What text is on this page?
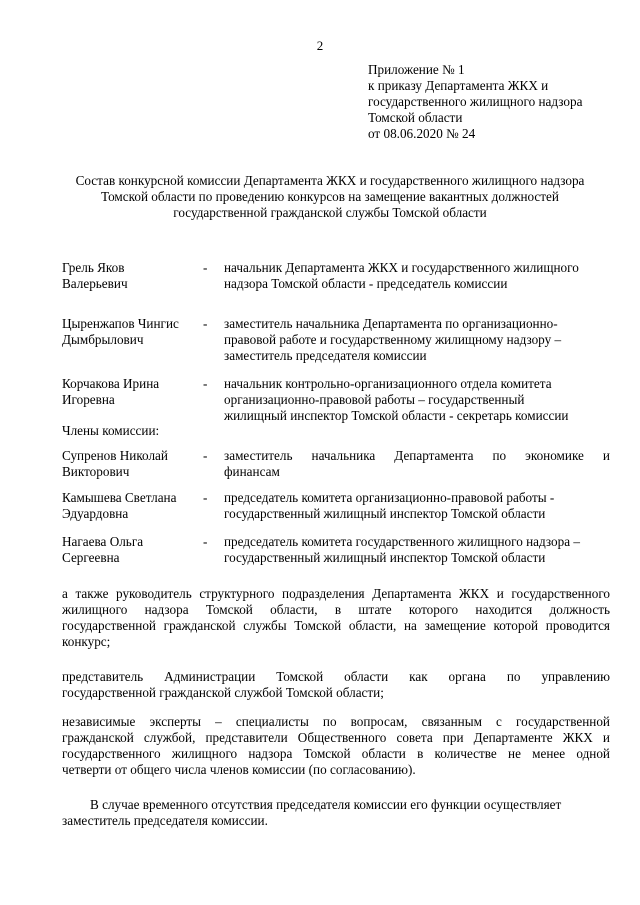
2
Приложение № 1
к приказу Департамента ЖКХ и
государственного жилищного надзора
Томской области
от 08.06.2020 № 24
Состав конкурсной комиссии Департамента ЖКХ и государственного жилищного надзора
Томской области по проведению конкурсов на замещение вакантных должностей
государственной гражданской службы Томской области
Грель Яков
Валерьевич
- начальник Департамента ЖКХ и государственного жилищного
надзора Томской области - председатель комиссии
Цыренжапов Чингис
Дымбрылович
- заместитель начальника Департамента по организационно-
правовой работе и государственному жилищному надзору –
заместитель председателя комиссии
Корчакова Ирина
Игоревна
- начальник контрольно-организационного отдела комитета
организационно-правовой работы – государственный
жилищный инспектор Томской области - секретарь комиссии
Члены комиссии:
Супренов Николай
Викторович
- заместитель начальника Департамента по экономике и
финансам
Камышева Светлана
Эдуардовна
- председатель комитета организационно-правовой работы -
государственный жилищный инспектор Томской области
Нагаева Ольга
Сергеевна
- председатель комитета государственного жилищного надзора –
государственный жилищный инспектор Томской области
а также руководитель структурного подразделения Департамента ЖКХ и государственного
жилищного надзора Томской области, в штате которого находится должность
государственной гражданской службы Томской области, на замещение которой проводится
конкурс;
представитель Администрации Томской области как органа по управлению
государственной гражданской службой Томской области;
независимые эксперты – специалисты по вопросам, связанным с государственной
гражданской службой, представители Общественного совета при Департаменте ЖКХ и
государственного жилищного надзора Томской области в количестве не менее одной
четверти от общего числа членов комиссии (по согласованию).
В случае временного отсутствия председателя комиссии его функции осуществляет
заместитель председателя комиссии.
